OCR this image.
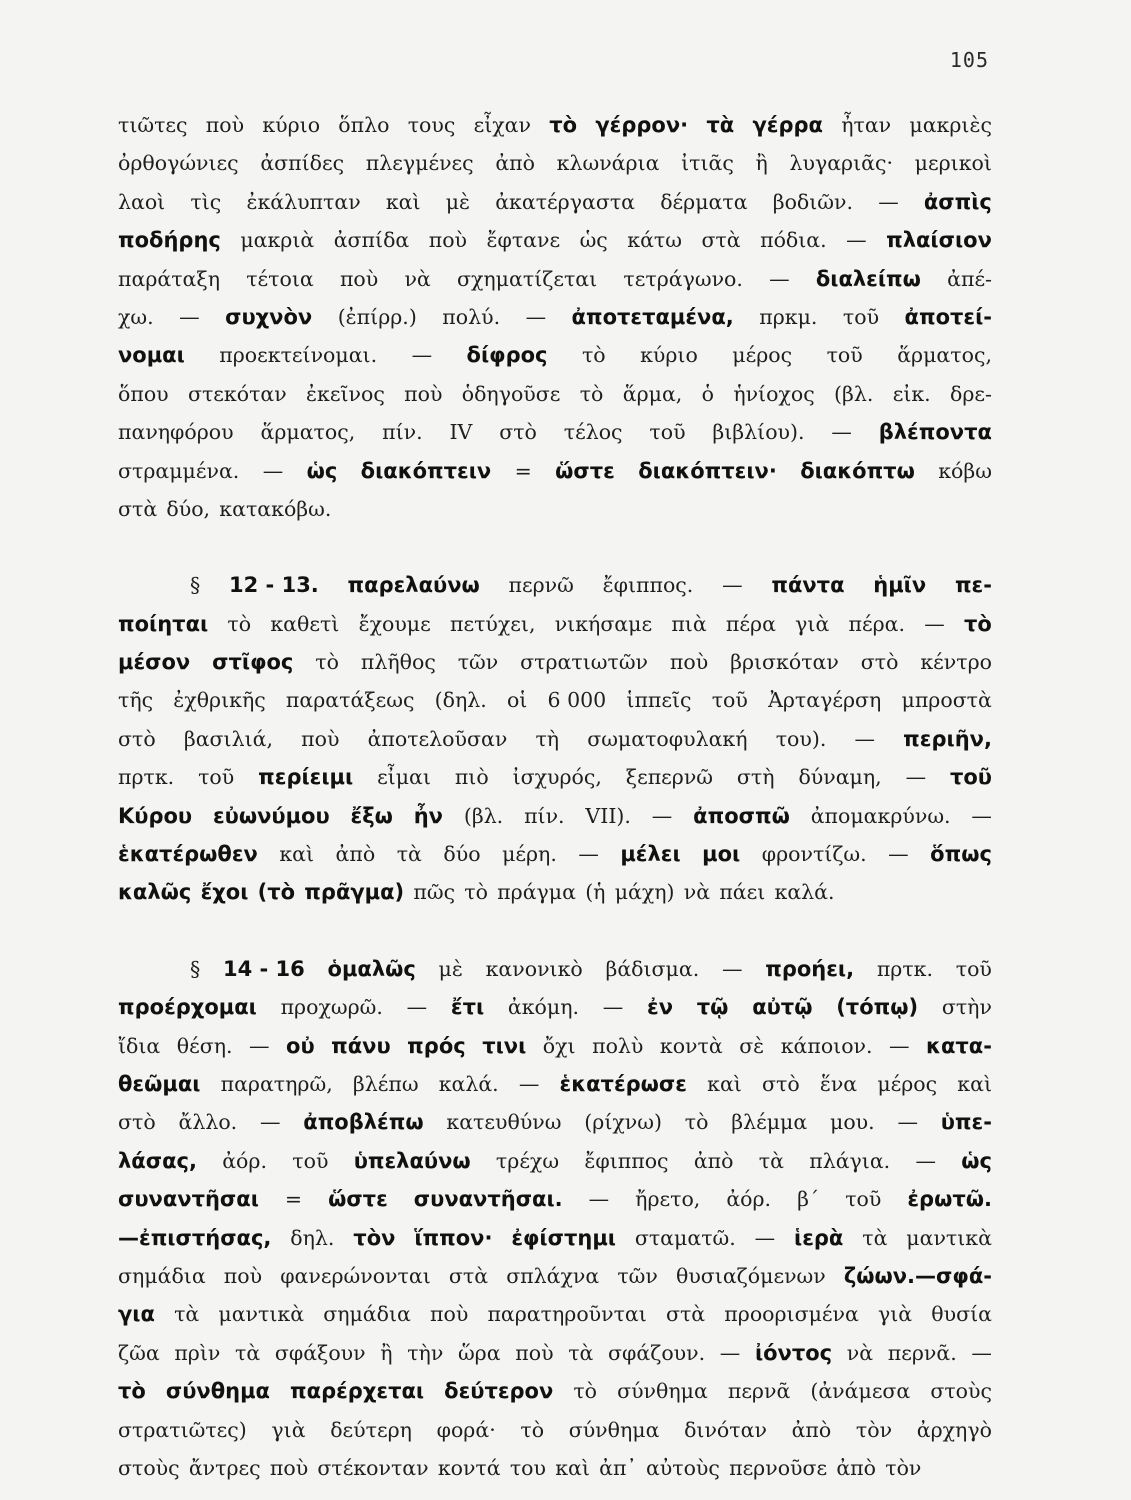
105
τιῶτες ποὺ κύριο ὅπλο τους εἶχαν τὸ γέρρον· τὰ γέρρα ἦταν μακριὲς
ὀρθογώνιες ἀσπίδες πλεγμένες ἀπὸ κλωνάρια ἰτιᾶς ἢ λυγαριᾶς· μερικοὶ
λαοὶ τὶς ἐκάλυπταν καὶ μὲ ἀκατέργαστα δέρματα βοδιῶν. — ἀσπὶς
ποδήρης μακριὰ ἀσπίδα ποὺ ἔφτανε ὡς κάτω στὰ πόδια. — πλαίσιον
παράταξη τέτοια ποὺ νὰ σχηματίζεται τετράγωνο. — διαλείπω ἀπέ-
χω. — συχνὸν (ἐπίρρ.) πολύ. — ἀποτεταμένα, πρκμ. τοῦ ἀποτεί-
νομαι προεκτείνομαι. — δίφρος τὸ κύριο μέρος τοῦ ἅρματος,
ὅπου στεκόταν ἐκεῖνος ποὺ ὁδηγοῦσε τὸ ἅρμα, ὁ ἡνίοχος (βλ. εἰκ. δρε-
πανηφόρου ἅρματος, πίν. IV στὸ τέλος τοῦ βιβλίου). — βλέποντα
στραμμένα. — ὡς διακόπτειν = ὥστε διακόπτειν· διακόπτω κόβω
στὰ δύο, κατακόβω.
§ 12 - 13. παρελαύνω περνῶ ἔφιππος. — πάντα ἡμῖν πε-
ποίηται τὸ καθετὶ ἔχουμε πετύχει, νικήσαμε πιὰ πέρα γιὰ πέρα. — τὸ
μέσον στῖφος τὸ πλῆθος τῶν στρατιωτῶν ποὺ βρισκόταν στὸ κέντρο
τῆς ἐχθρικῆς παρατάξεως (δηλ. οἱ 6 000 ἱππεῖς τοῦ Ἀρταγέρση μπροστὰ
στὸ βασιλιά, ποὺ ἀποτελοῦσαν τὴ σωματοφυλακή του). — περιῆν,
πρτκ. τοῦ περίειμι εἶμαι πιὸ ἰσχυρός, ξεπερνῶ στὴ δύναμη, — τοῦ
Κύρου εὐωνύμου ἔξω ἦν (βλ. πίν. VII). — ἀποσπῶ ἀπομακρύνω. —
ἑκατέρωθεν καὶ ἀπὸ τὰ δύο μέρη. — μέλει μοι φροντίζω. — ὅπως
καλῶς ἔχοι (τὸ πρᾶγμα) πῶς τὸ πράγμα (ἡ μάχη) νὰ πάει καλά.
§ 14 - 16 ὁμαλῶς μὲ κανονικὸ βάδισμα. — προήει, πρτκ. τοῦ
προέρχομαι προχωρῶ. — ἔτι ἀκόμη. — ἐν τῷ αὐτῷ (τόπῳ) στὴν
ἴδια θέση. — οὐ πάνυ πρός τινι ὄχι πολὺ κοντὰ σὲ κάποιον. — κατα-
θεῶμαι παρατηρῶ, βλέπω καλά. — ἑκατέρωσε καὶ στὸ ἕνα μέρος καὶ
στὸ ἄλλο. — ἀποβλέπω κατευθύνω (ρίχνω) τὸ βλέμμα μου. — ὑπε-
λάσας, ἀόρ. τοῦ ὑπελαύνω τρέχω ἔφιππος ἀπὸ τὰ πλάγια. — ὡς
συναντῆσαι = ὥστε συναντῆσαι. — ἤρετο, ἀόρ. β΄ τοῦ ἐρωτῶ.
—ἐπιστήσας, δηλ. τὸν ἵππον· ἐφίστημι σταματῶ. — ἱερὰ τὰ μαντικὰ
σημάδια ποὺ φανερώνονται στὰ σπλάχνα τῶν θυσιαζόμενων ζώων.—σφά-
για τὰ μαντικὰ σημάδια ποὺ παρατηροῦνται στὰ προορισμένα γιὰ θυσία
ζῶα πρὶν τὰ σφάξουν ἢ τὴν ὥρα ποὺ τὰ σφάζουν. — ἰόντος νὰ περνᾶ. —
τὸ σύνθημα παρέρχεται δεύτερον τὸ σύνθημα περνᾶ (ἀνάμεσα στοὺς
στρατιῶτες) γιὰ δεύτερη φορά· τὸ σύνθημα δινόταν ἀπὸ τὸν ἀρχηγὸ
στοὺς ἄντρες ποὺ στέκονταν κοντά του καὶ ἀπ᾽ αὐτοὺς περνοῦσε ἀπὸ τὸν
